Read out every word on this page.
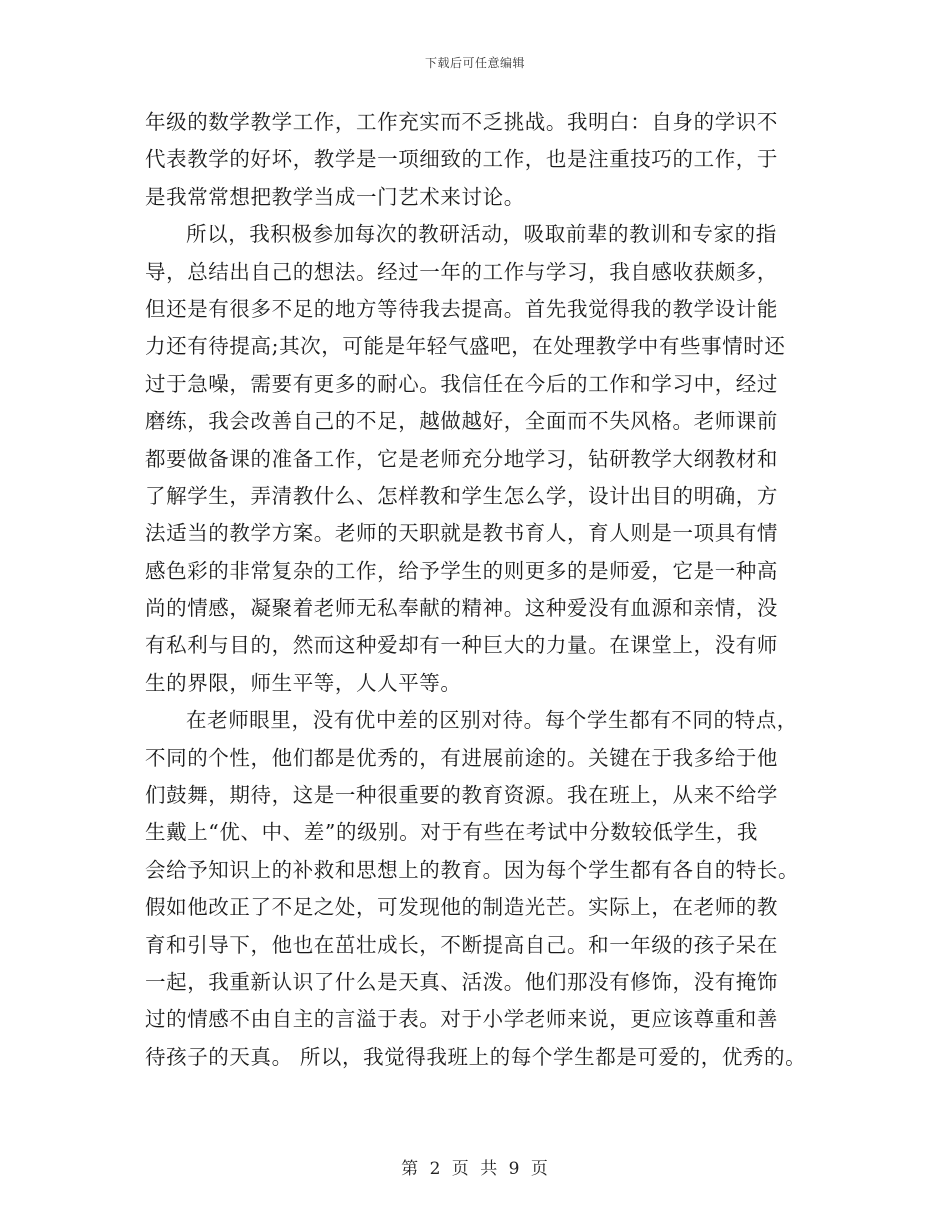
下载后可任意编辑
年级的数学教学工作，工作充实而不乏挑战。我明白：自身的学识不
代表教学的好坏，教学是一项细致的工作，也是注重技巧的工作，于
是我常常想把教学当成一门艺术来讨论。
所以，我积极参加每次的教研活动，吸取前辈的教训和专家的指
导，总结出自己的想法。经过一年的工作与学习，我自感收获颇多，
但还是有很多不足的地方等待我去提高。首先我觉得我的教学设计能
力还有待提高;其次，可能是年轻气盛吧，在处理教学中有些事情时还
过于急噪，需要有更多的耐心。我信任在今后的工作和学习中，经过
磨练，我会改善自己的不足，越做越好，全面而不失风格。老师课前
都要做备课的准备工作，它是老师充分地学习，钻研教学大纲教材和
了解学生，弄清教什么、怎样教和学生怎么学，设计出目的明确，方
法适当的教学方案。老师的天职就是教书育人，育人则是一项具有情
感色彩的非常复杂的工作，给予学生的则更多的是师爱，它是一种高
尚的情感，凝聚着老师无私奉献的精神。这种爱没有血源和亲情，没
有私利与目的，然而这种爱却有一种巨大的力量。在课堂上，没有师
生的界限，师生平等，人人平等。
在老师眼里，没有优中差的区别对待。每个学生都有不同的特点，
不同的个性，他们都是优秀的，有进展前途的。关键在于我多给于他
们鼓舞，期待，这是一种很重要的教育资源。我在班上，从来不给学
生戴上“优、中、差”的级别。对于有些在考试中分数较低学生，我
会给予知识上的补救和思想上的教育。因为每个学生都有各自的特长。
假如他改正了不足之处，可发现他的制造光芒。实际上，在老师的教
育和引导下，他也在茁壮成长，不断提高自己。和一年级的孩子呆在
一起，我重新认识了什么是天真、活泼。他们那没有修饰，没有掩饰
过的情感不由自主的言溢于表。对于小学老师来说，更应该尊重和善
待孩子的天真。 所以，我觉得我班上的每个学生都是可爱的，优秀的。
第 2 页 共 9 页
